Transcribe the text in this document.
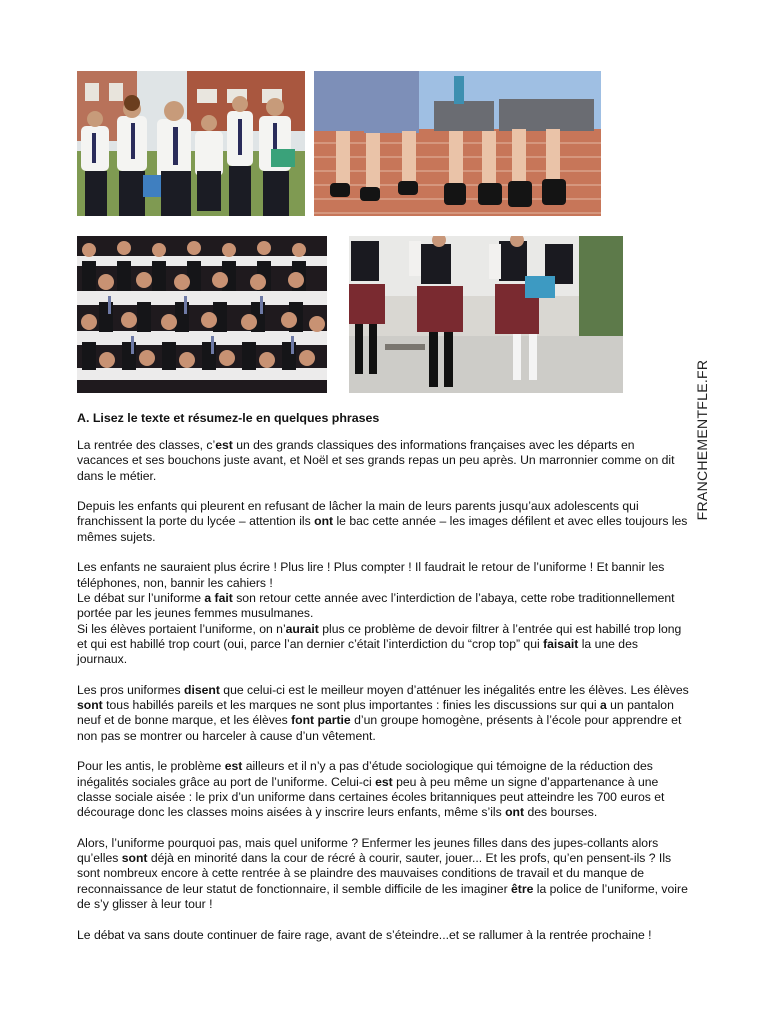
FRANCHEMENTFLE.FR
A. Lisez le texte et résumez-le en quelques phrases

La rentrée des classes, c’est un des grands classiques des informations françaises avec les départs en vacances et ses bouchons juste avant, et Noël et ses grands repas un peu après. Un marronnier comme on dit dans le métier.

Depuis les enfants qui pleurent en refusant de lâcher la main de leurs parents jusqu’aux adolescents qui franchissent la porte du lycée – attention ils ont le bac cette année – les images défilent et avec elles toujours les mêmes sujets.

Les enfants ne sauraient plus écrire ! Plus lire ! Plus compter ! Il faudrait le retour de l’uniforme ! Et bannir les téléphones, non, bannir les cahiers !
Le débat sur l’uniforme a fait son retour cette année avec l’interdiction de l’abaya, cette robe traditionnellement portée par les jeunes femmes musulmanes.
Si les élèves portaient l’uniforme, on n’aurait plus ce problème de devoir filtrer à l’entrée qui est habillé trop long et qui est habillé trop court (oui, parce l’an dernier c’était l’interdiction du “crop top” qui faisait la une des journaux.

Les pros uniformes disent que celui-ci est le meilleur moyen d’atténuer les inégalités entre les élèves. Les élèves sont tous habillés pareils et les marques ne sont plus importantes : finies les discussions sur qui a un pantalon neuf et de bonne marque, et les élèves font partie d’un groupe homogène, présents à l’école pour apprendre et non pas se montrer ou harceler à cause d’un vêtement.

Pour les antis, le problème est ailleurs et il n’y a pas d’étude sociologique qui témoigne de la réduction des inégalités sociales grâce au port de l’uniforme. Celui-ci est peu à peu même un signe d’appartenance à une classe sociale aisée : le prix d’un uniforme dans certaines écoles britanniques peut atteindre les 700 euros et décourage donc les classes moins aisées à y inscrire leurs enfants, même s’ils ont des bourses.

Alors, l’uniforme pourquoi pas, mais quel uniforme ? Enfermer les jeunes filles dans des jupes-collants alors qu’elles sont déjà en minorité dans la cour de récré à courir, sauter, jouer... Et les profs, qu’en pensent-ils ? Ils sont nombreux encore à cette rentrée à se plaindre des mauvaises conditions de travail et du manque de reconnaissance de leur statut de fonctionnaire, il semble difficile de les imaginer être la police de l’uniforme, voire de s’y glisser à leur tour !

Le débat va sans doute continuer de faire rage, avant de s’éteindre...et se rallumer à la rentrée prochaine !
